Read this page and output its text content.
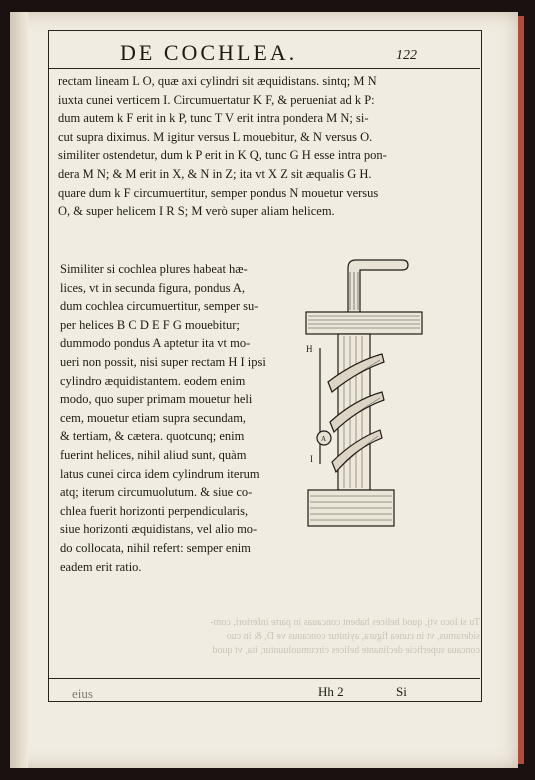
DE COCHLEA.	122
rectam lineam L O, quæ axi cylindri sit æquidistans. sintq; M N
iuxta cunei verticem I. Circumuertatur K F, & perueniat ad k P:
dum autem k F erit in k P, tunc T V erit intra pondera M N; si-
cut supra diximus. M igitur versus L mouebitur, & N versus O.
similiter ostendetur, dum k P erit in K Q, tunc G H esse intra pon-
dera M N; & M erit in X, & N in Z; ita vt X Z sit æqualis G H.
quare dum k F circumuertitur, semper pondus N mouetur versus
O, & super helicem I R S; M verò super aliam helicem.
Similiter si cochlea plures habeat hæ-
lices, vt in secunda figura, pondus A,
dum cochlea circumuertitur, semper su-
per helices B C D E F G mouebitur;
dummodo pondus A aptetur ita vt mo-
ueri non possit, nisi super rectam H I ipsi
cylindro æquidistantem. eodem enim
modo, quo super primam mouetur heli
cem, mouetur etiam supra secundam,
& tertiam, & cætera. quotcunq; enim
fuerint helices, nihil aliud sunt, quàm
latus cunei circa idem cylindrum iterum
atq; iterum circumuolutum. & siue co-
chlea fuerit horizonti perpendicularis,
siue horizonti æquidistans, vel alio mo-
do collocata, nihil refert: semper enim
eadem erit ratio.
H
A
I
Tu si loco vtj, quod helices habent concauas in parte inferiori, com-
sideramus, vt in cunea figura, ayinitur concauus ve D, & in cuo
concaua superficie declinante helices circumuoluuntur, ita, vt quod
eius	Hh 2	Si
